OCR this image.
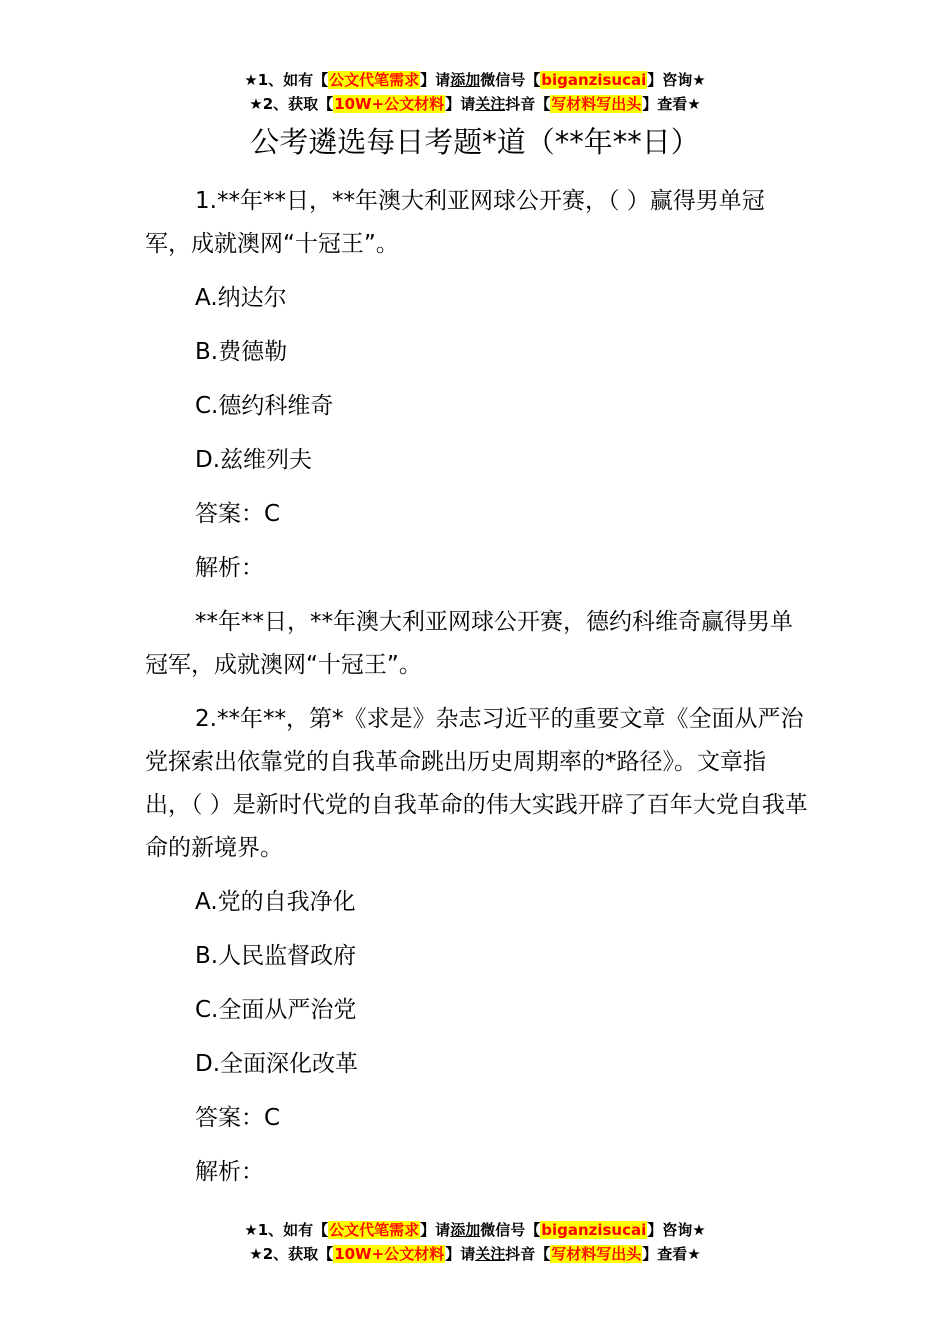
★1、如有【公文代笔需求】请添加微信号【biganzisucai】咨询★
★2、获取【10W+公文材料】请关注抖音【写材料写出头】查看★
公考遴选每日考题*道（**年**日）

1.**年**日，**年澳大利亚网球公开赛，（ ）赢得男单冠军，成就澳网“十冠王”。

A.纳达尔

B.费德勒

C.德约科维奇

D.兹维列夫

答案：C

解析：

**年**日，**年澳大利亚网球公开赛，德约科维奇赢得男单冠军，成就澳网“十冠王”。

2.**年**，第*《求是》杂志习近平的重要文章《全面从严治党探索出依靠党的自我革命跳出历史周期率的*路径》。文章指出，（ ）是新时代党的自我革命的伟大实践开辟了百年大党自我革命的新境界。

A.党的自我净化

B.人民监督政府

C.全面从严治党

D.全面深化改革

答案：C

解析：

★1、如有【公文代笔需求】请添加微信号【biganzisucai】咨询★
★2、获取【10W+公文材料】请关注抖音【写材料写出头】查看★
